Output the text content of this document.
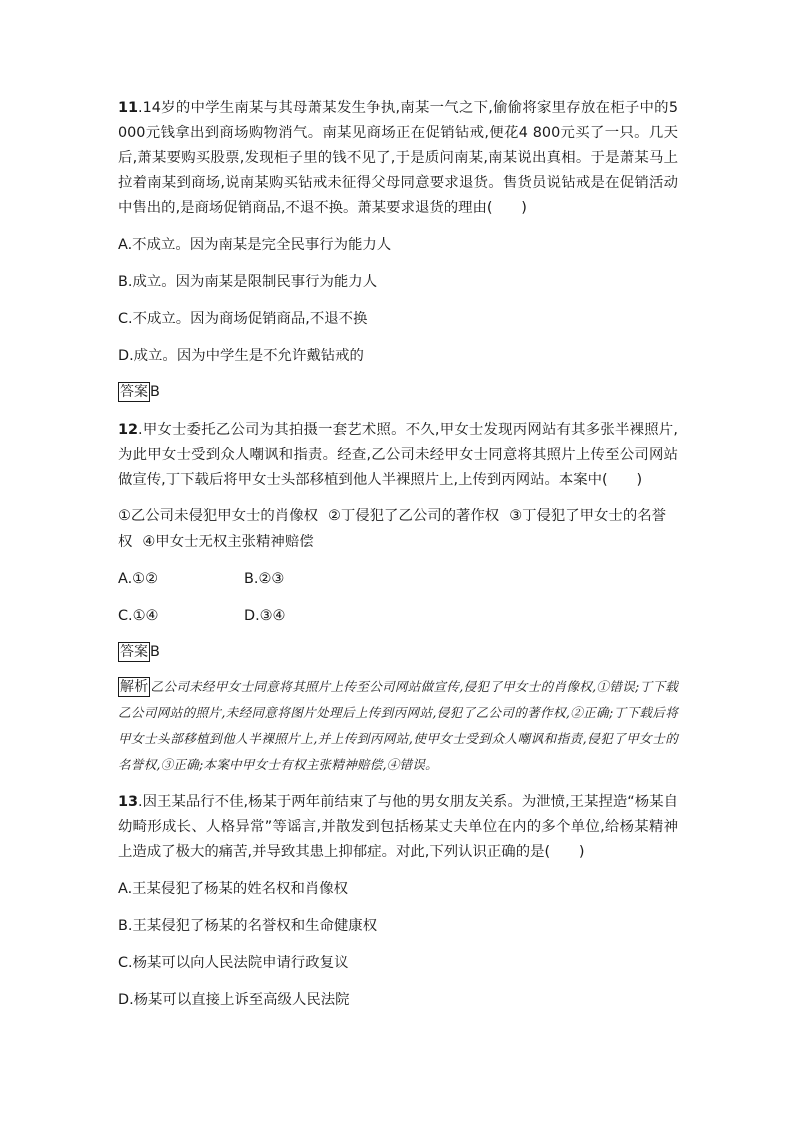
11.14岁的中学生南某与其母萧某发生争执,南某一气之下,偷偷将家里存放在柜子中的5 000元钱拿出到商场购物消气。南某见商场正在促销钻戒,便花4 800元买了一只。几天后,萧某要购买股票,发现柜子里的钱不见了,于是质问南某,南某说出真相。于是萧某马上拉着南某到商场,说南某购买钻戒未征得父母同意要求退货。售货员说钻戒是在促销活动中售出的,是商场促销商品,不退不换。萧某要求退货的理由(　　)

A.不成立。因为南某是完全民事行为能力人

B.成立。因为南某是限制民事行为能力人

C.不成立。因为商场促销商品,不退不换

D.成立。因为中学生是不允许戴钻戒的

答案 B

12.甲女士委托乙公司为其拍摄一套艺术照。不久,甲女士发现丙网站有其多张半裸照片,为此甲女士受到众人嘲讽和指责。经查,乙公司未经甲女士同意将其照片上传至公司网站做宣传,丁下载后将甲女士头部移植到他人半裸照片上,上传到丙网站。本案中(　　)

①乙公司未侵犯甲女士的肖像权 ②丁侵犯了乙公司的著作权 ③丁侵犯了甲女士的名誉权 ④甲女士无权主张精神赔偿

A.①②	B.②③
C.①④	D.③④

答案 B

解析 乙公司未经甲女士同意将其照片上传至公司网站做宣传,侵犯了甲女士的肖像权,①错误;丁下载乙公司网站的照片,未经同意将图片处理后上传到丙网站,侵犯了乙公司的著作权,②正确;丁下载后将甲女士头部移植到他人半裸照片上,并上传到丙网站,使甲女士受到众人嘲讽和指责,侵犯了甲女士的名誉权,③正确;本案中甲女士有权主张精神赔偿,④错误。

13.因王某品行不佳,杨某于两年前结束了与他的男女朋友关系。为泄愤,王某捏造“杨某自幼畸形成长、人格异常”等谣言,并散发到包括杨某丈夫单位在内的多个单位,给杨某精神上造成了极大的痛苦,并导致其患上抑郁症。对此,下列认识正确的是(　　)

A.王某侵犯了杨某的姓名权和肖像权

B.王某侵犯了杨某的名誉权和生命健康权

C.杨某可以向人民法院申请行政复议

D.杨某可以直接上诉至高级人民法院
